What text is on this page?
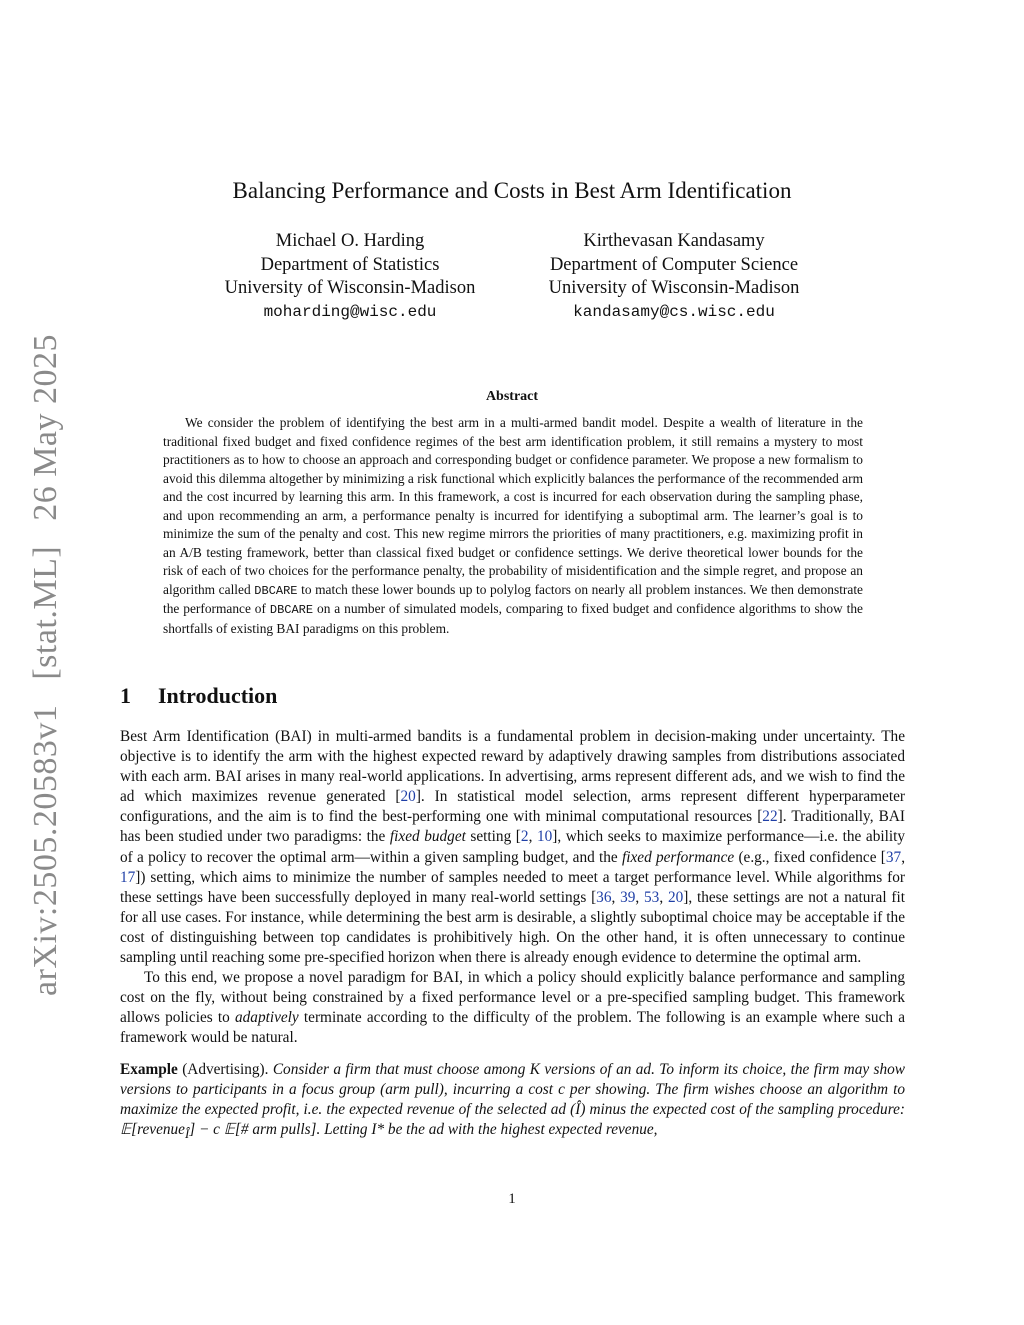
arXiv:2505.20583v1 [stat.ML] 26 May 2025
Balancing Performance and Costs in Best Arm Identification
Michael O. Harding
Department of Statistics
University of Wisconsin-Madison
moharding@wisc.edu
Kirthevasan Kandasamy
Department of Computer Science
University of Wisconsin-Madison
kandasamy@cs.wisc.edu
Abstract
We consider the problem of identifying the best arm in a multi-armed bandit model. Despite a wealth of literature in the traditional fixed budget and fixed confidence regimes of the best arm identification problem, it still remains a mystery to most practitioners as to how to choose an approach and corresponding budget or confidence parameter. We propose a new formalism to avoid this dilemma altogether by minimizing a risk functional which explicitly balances the performance of the recommended arm and the cost incurred by learning this arm. In this framework, a cost is incurred for each observation during the sampling phase, and upon recommending an arm, a performance penalty is incurred for identifying a suboptimal arm. The learner’s goal is to minimize the sum of the penalty and cost. This new regime mirrors the priorities of many practitioners, e.g. maximizing profit in an A/B testing framework, better than classical fixed budget or confidence settings. We derive theoretical lower bounds for the risk of each of two choices for the performance penalty, the probability of misidentification and the simple regret, and propose an algorithm called DBCARE to match these lower bounds up to polylog factors on nearly all problem instances. We then demonstrate the performance of DBCARE on a number of simulated models, comparing to fixed budget and confidence algorithms to show the shortfalls of existing BAI paradigms on this problem.
1 Introduction

Best Arm Identification (BAI) in multi-armed bandits is a fundamental problem in decision-making under uncertainty. The objective is to identify the arm with the highest expected reward by adaptively drawing samples from distributions associated with each arm. BAI arises in many real-world applications. In advertising, arms represent different ads, and we wish to find the ad which maximizes revenue generated [20]. In statistical model selection, arms represent different hyperparameter configurations, and the aim is to find the best-performing one with minimal computational resources [22]. Traditionally, BAI has been studied under two paradigms: the fixed budget setting [2, 10], which seeks to maximize performance—i.e. the ability of a policy to recover the optimal arm—within a given sampling budget, and the fixed performance (e.g., fixed confidence [37, 17]) setting, which aims to minimize the number of samples needed to meet a target performance level. While algorithms for these settings have been successfully deployed in many real-world settings [36, 39, 53, 20], these settings are not a natural fit for all use cases. For instance, while determining the best arm is desirable, a slightly suboptimal choice may be acceptable if the cost of distinguishing between top candidates is prohibitively high. On the other hand, it is often unnecessary to continue sampling until reaching some pre-specified horizon when there is already enough evidence to determine the optimal arm.

To this end, we propose a novel paradigm for BAI, in which a policy should explicitly balance performance and sampling cost on the fly, without being constrained by a fixed performance level or a pre-specified sampling budget. This framework allows policies to adaptively terminate according to the difficulty of the problem. The following is an example where such a framework would be natural.

Example (Advertising). Consider a firm that must choose among K versions of an ad. To inform its choice, the firm may show versions to participants in a focus group (arm pull), incurring a cost c per showing. The firm wishes choose an algorithm to maximize the expected profit, i.e. the expected revenue of the selected ad (Î) minus the expected cost of the sampling procedure: 𝔼[revenue$_Î$] − c 𝔼[# arm pulls]. Letting I* be the ad with the highest expected revenue,

1
